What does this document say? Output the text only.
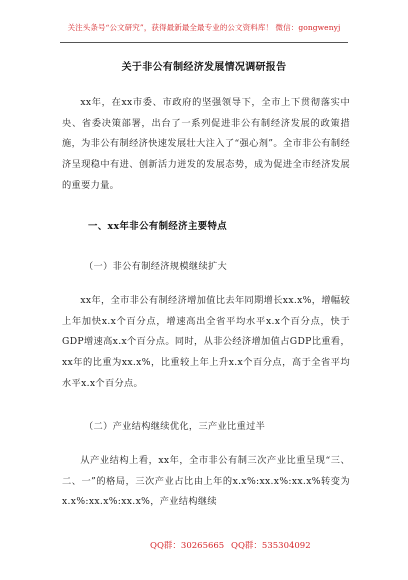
关注头条号“公文研究”，获得最新最全最专业的公文资料库！ 微信：gongwenyj
关于非公有制经济发展情况调研报告

xx年，在xx市委、市政府的坚强领导下，全市上下贯彻落实中央、省委决策部署，出台了一系列促进非公有制经济发展的政策措施，为非公有制经济快速发展壮大注入了“强心剂”。全市非公有制经济呈现稳中有进、创新活力迸发的发展态势，成为促进全市经济发展的重要力量。

一、xx年非公有制经济主要特点
（一）非公有制经济规模继续扩大

xx年，全市非公有制经济增加值比去年同期增长xx.x%，增幅较上年加快x.x个百分点，增速高出全省平均水平x.x个百分点，快于GDP增速高x.x个百分点。同时，从非公经济增加值占GDP比重看，xx年的比重为xx.x%，比重较上年上升x.x个百分点，高于全省平均水平x.x个百分点。

（二）产业结构继续优化，三产业比重过半

从产业结构上看，xx年，全市非公有制三次产业比重呈现“三、二、一”的格局，三次产业占比由上年的x.x%:xx.x%:xx.x%转变为x.x%:xx.x%:xx.x%，产业结构继续

QQ群：30265665 QQ群：535304092
